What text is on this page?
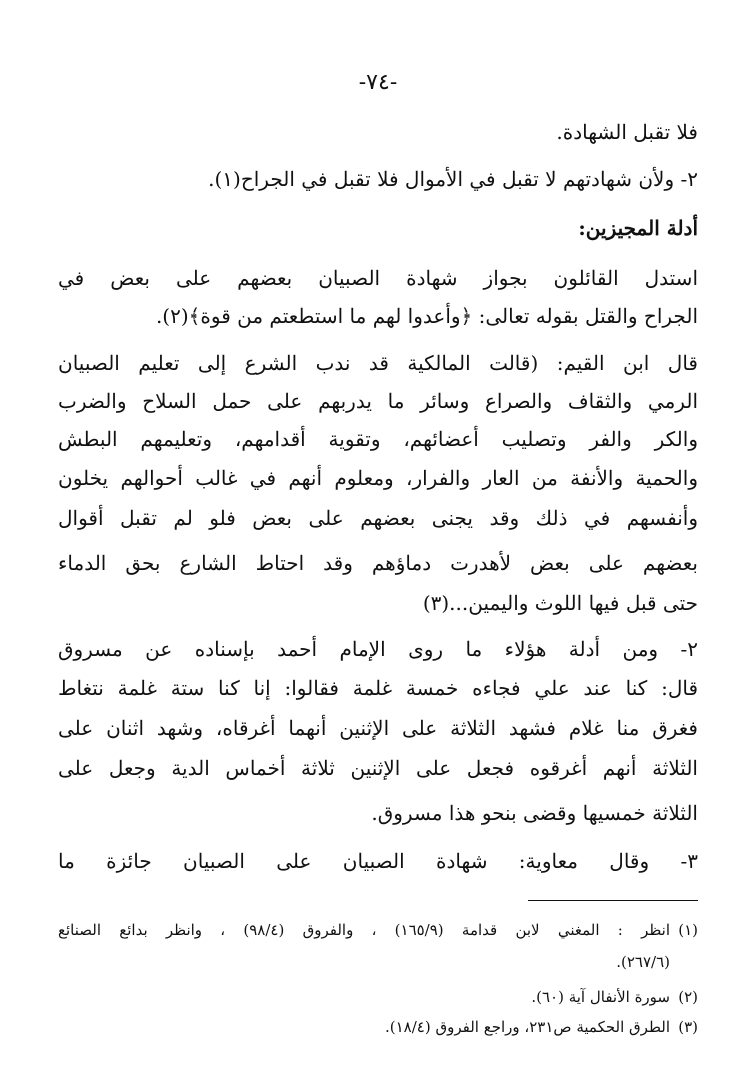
-٧٤-
فلا تقبل الشهادة.
٢- ولأن شهادتهم لا تقبل في الأموال فلا تقبل في الجراح(١).
أدلة المجيزين:
استدل القائلون بجواز شهادة الصبيان بعضهم على بعض في
الجراح والقتل بقوله تعالى: ﴿وأعدوا لهم ما استطعتم من قوة﴾(٢).
قال ابن القيم: (قالت المالكية قد ندب الشرع إلى تعليم الصبيان
الرمي والثقاف والصراع وسائر ما يدربهم على حمل السلاح والضرب
والكر والفر وتصليب أعضائهم، وتقوية أقدامهم، وتعليمهم البطش
والحمية والأنفة من العار والفرار، ومعلوم أنهم في غالب أحوالهم يخلون
وأنفسهم في ذلك وقد يجنى بعضهم على بعض فلو لم تقبل أقوال
بعضهم على بعض لأهدرت دماؤهم وقد احتاط الشارع بحق الدماء
حتى قبل فيها اللوث واليمين...(٣)
٢- ومن أدلة هؤلاء ما روى الإمام أحمد بإسناده عن مسروق
قال: كنا عند علي فجاءه خمسة غلمة فقالوا: إنا كنا ستة غلمة نتغاط
فغرق منا غلام فشهد الثلاثة على الإثنين أنهما أغرقاه، وشهد اثنان على
الثلاثة أنهم أغرقوه فجعل على الإثنين ثلاثة أخماس الدية وجعل على
الثلاثة خمسيها وقضى بنحو هذا مسروق.
٣- وقال معاوية: شهادة الصبيان على الصبيان جائزة ما
(١)انظر : المغني لابن قدامة (١٦٥/٩) ، والفروق (٩٨/٤) ، وانظر بدائع الصنائع
(٢٦٧/٦).
(٢)سورة الأنفال آية (٦٠).
(٣)الطرق الحكمية ص٢٣١، وراجع الفروق (١٨/٤).
